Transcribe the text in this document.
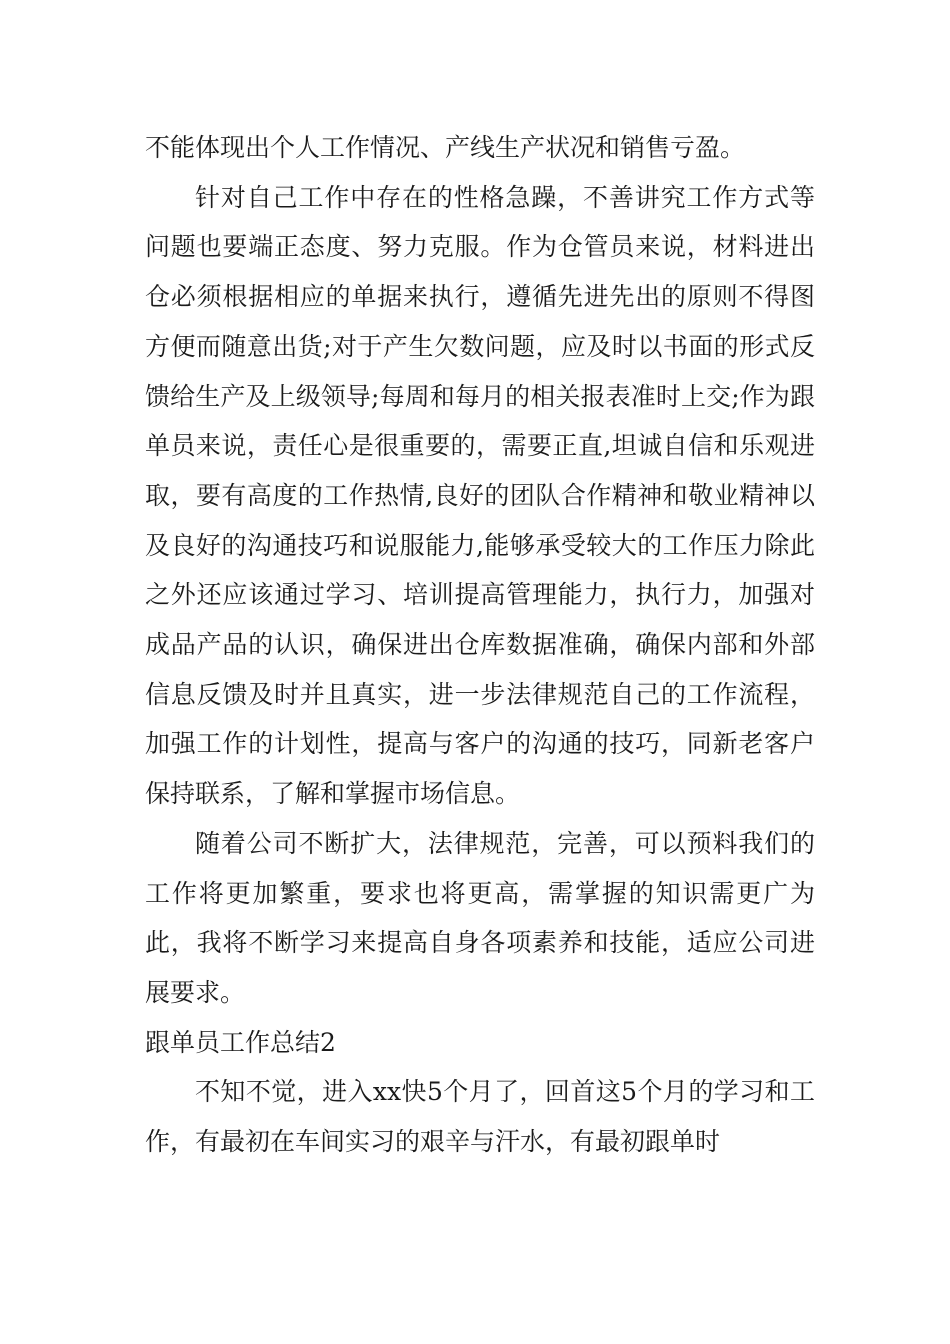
不能体现出个人工作情况、产线生产状况和销售亏盈。

针对自己工作中存在的性格急躁，不善讲究工作方式等问题也要端正态度、努力克服。作为仓管员来说，材料进出仓必须根据相应的单据来执行，遵循先进先出的原则不得图方便而随意出货;对于产生欠数问题，应及时以书面的形式反馈给生产及上级领导;每周和每月的相关报表准时上交;作为跟单员来说，责任心是很重要的，需要正直,坦诚自信和乐观进取，要有高度的工作热情,良好的团队合作精神和敬业精神以及良好的沟通技巧和说服能力,能够承受较大的工作压力除此之外还应该通过学习、培训提高管理能力，执行力，加强对成品产品的认识，确保进出仓库数据准确，确保内部和外部信息反馈及时并且真实，进一步法律规范自己的工作流程，加强工作的计划性，提高与客户的沟通的技巧，同新老客户保持联系，了解和掌握市场信息。

随着公司不断扩大，法律规范，完善，可以预料我们的工作将更加繁重，要求也将更高，需掌握的知识需更广为此，我将不断学习来提高自身各项素养和技能，适应公司进展要求。

跟单员工作总结2

不知不觉，进入xx快5个月了，回首这5个月的学习和工作，有最初在车间实习的艰辛与汗水，有最初跟单时
